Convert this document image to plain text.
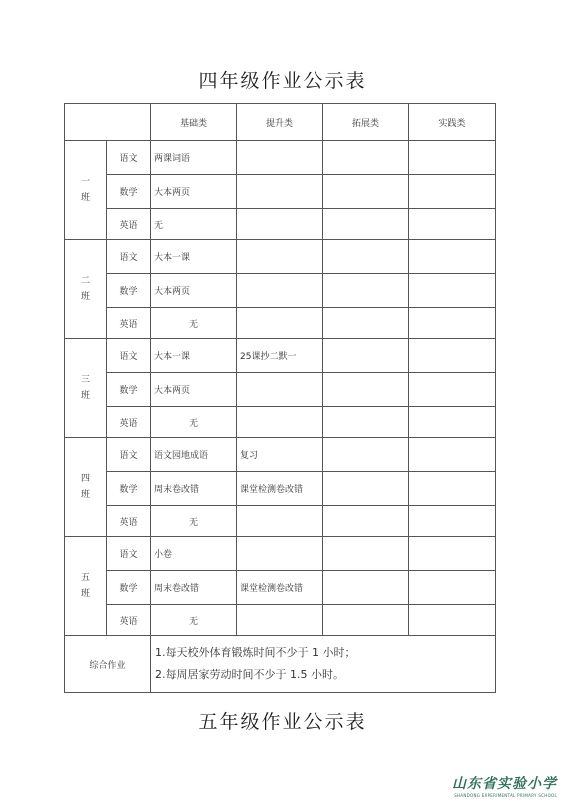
四年级作业公示表
		基础类	提升类	拓展类	实践类

一
班	语文	两课词语			
	数学	大本两页			
	英语	无			

二
班	语文	大本一课			
	数学	大本两页			
	英语	无			

三
班	语文	大本一课	25课抄二默一		
	数学	大本两页			
	英语	无			

四
班	语文	语文园地成语	复习		
	数学	周末卷改错	课堂检测卷改错		
	英语	无			

五
班	语文	小卷			
	数学	周末卷改错	课堂检测卷改错		
	英语	无			
综合作业		1.每天校外体育锻炼时间不少于 1 小时；
2.每周居家劳动时间不少于 1.5 小时。			
五年级作业公示表
山东省实验小学
SHANDONG EXPERIMENTAL PRIMARY SCHOOL
